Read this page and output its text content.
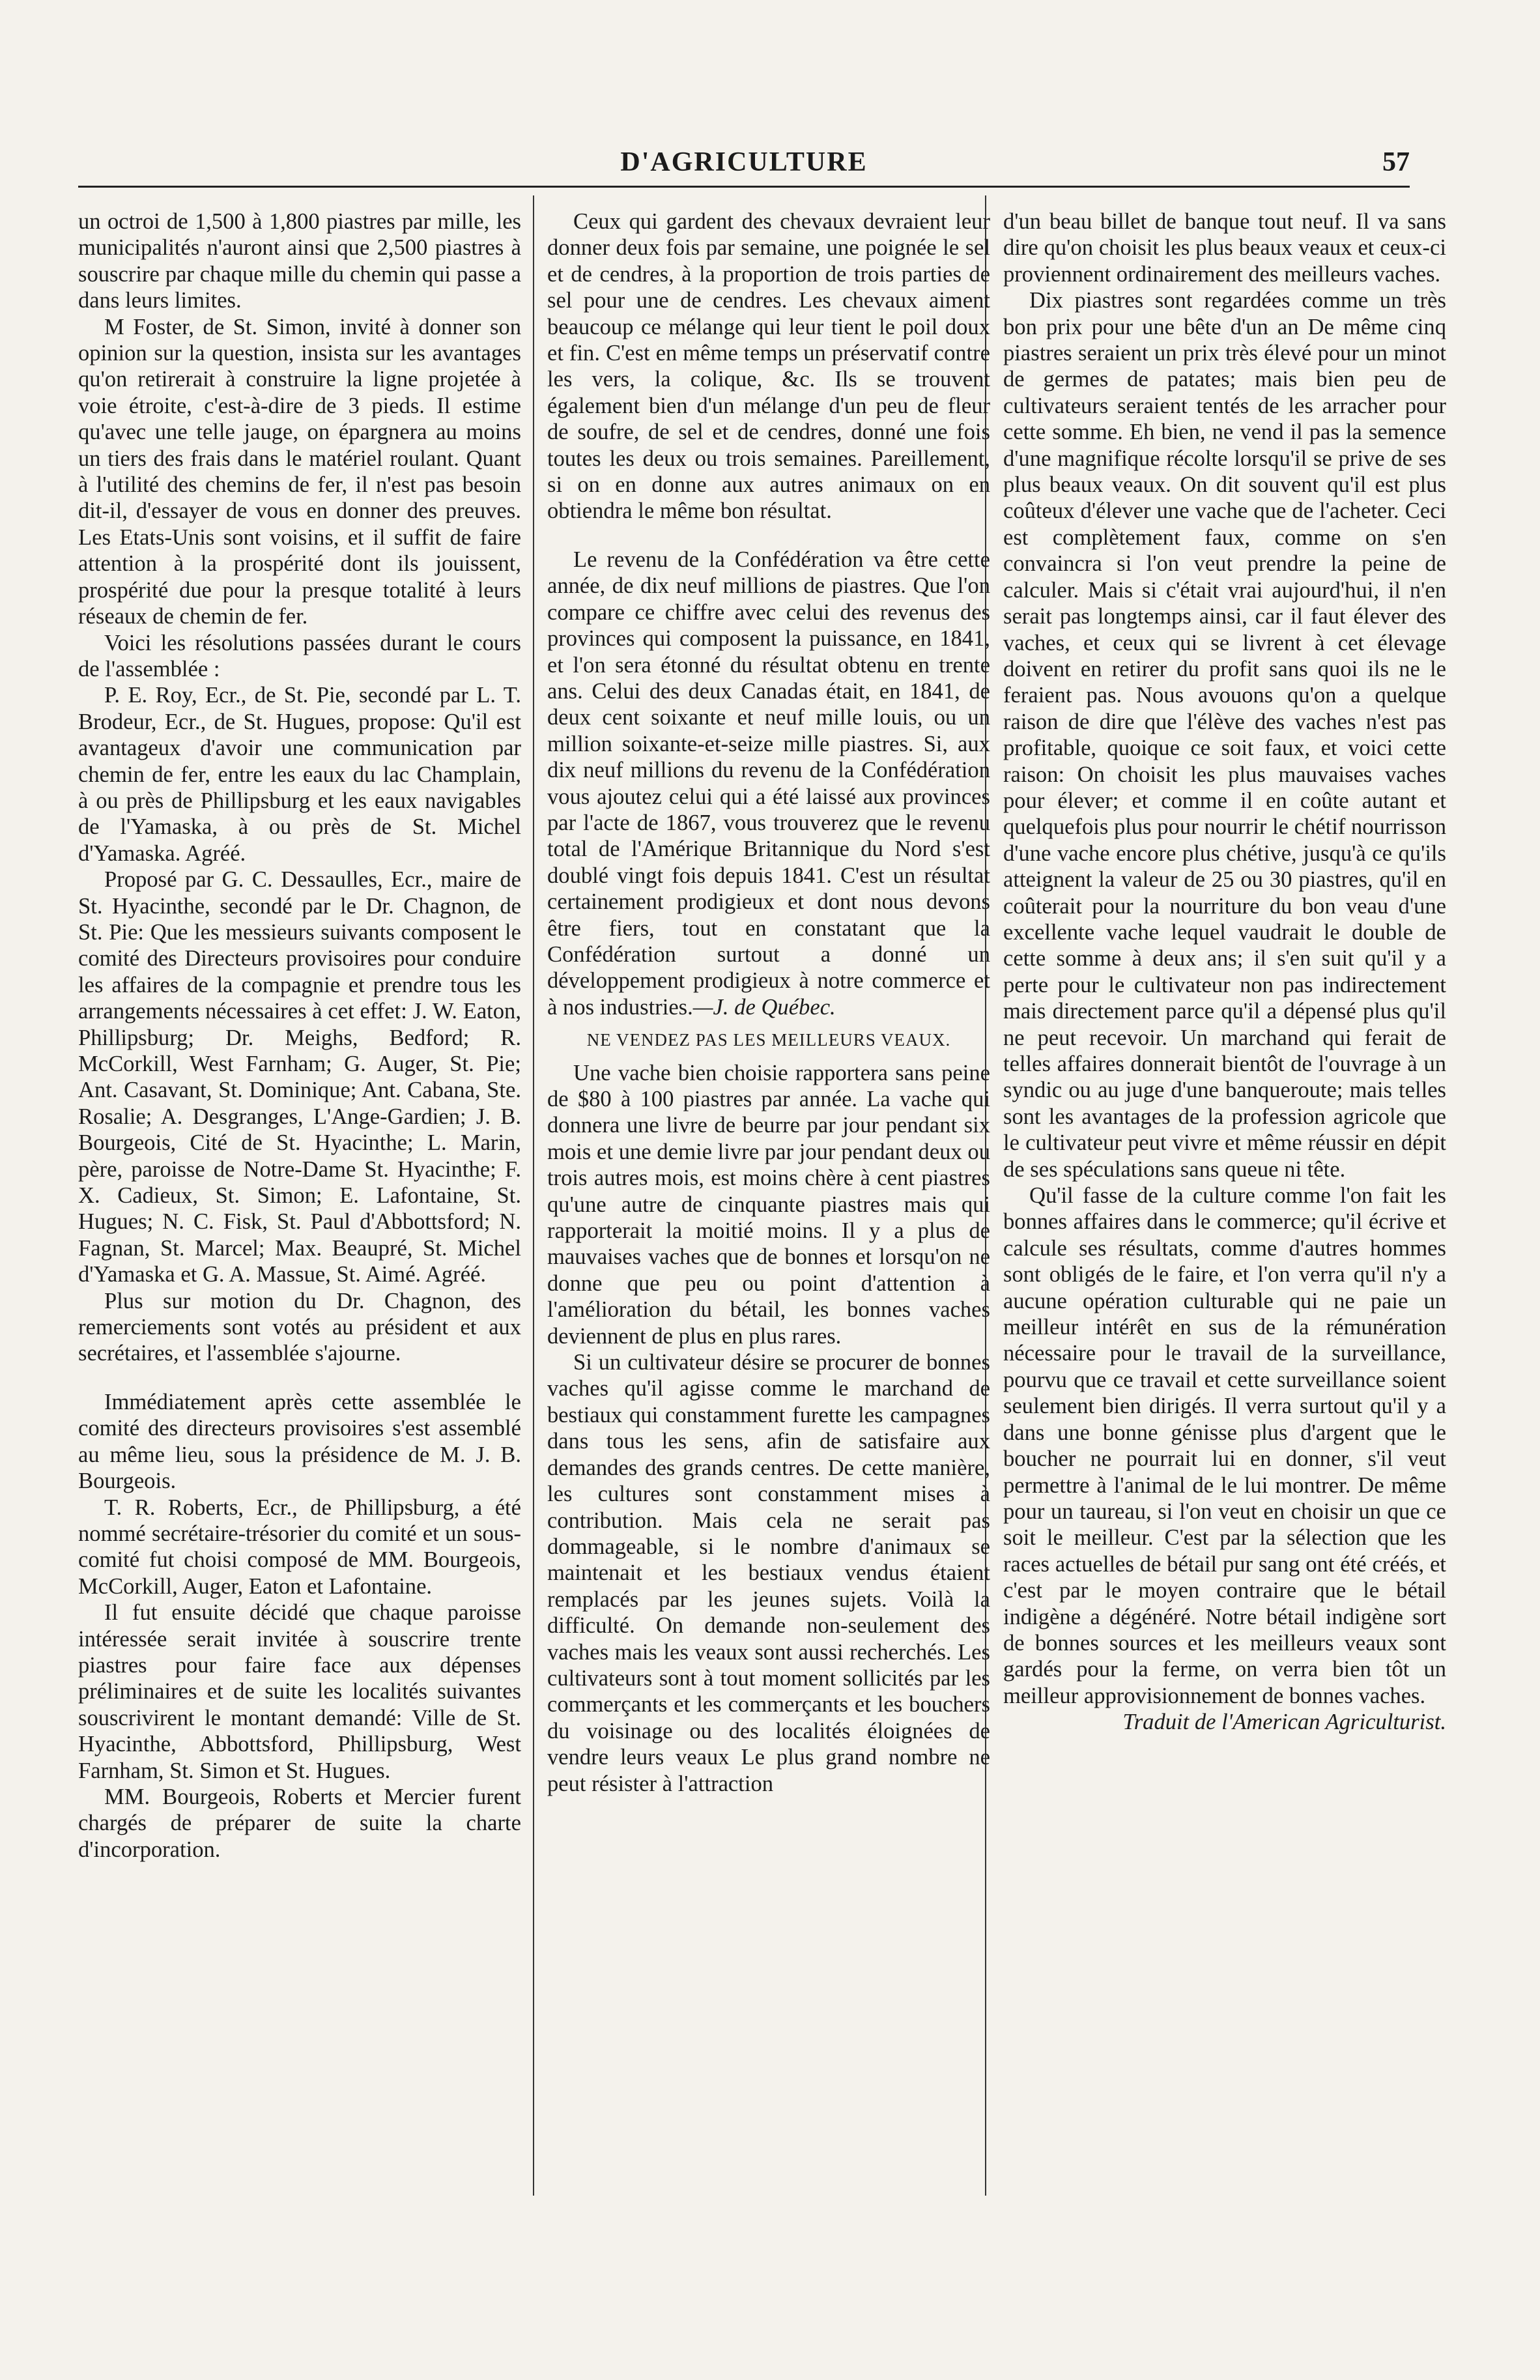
D'AGRICULTURE	57

un octroi de 1,500 à 1,800 piastres par mille, les municipalités n'auront ainsi que 2,500 piastres à souscrire par chaque mille du chemin qui passe a dans leurs limites.

M Foster, de St. Simon, invité à donner son opinion sur la question, insista sur les avantages qu'on retirerait à construire la ligne projetée à voie étroite, c'est-à-dire de 3 pieds. Il estime qu'avec une telle jauge, on épargnera au moins un tiers des frais dans le matériel roulant. Quant à l'utilité des chemins de fer, il n'est pas besoin dit-il, d'essayer de vous en donner des preuves. Les Etats-Unis sont voisins, et il suffit de faire attention à la prospérité dont ils jouissent, prospérité due pour la presque totalité à leurs réseaux de chemin de fer.

Voici les résolutions passées durant le cours de l'assemblée :

P. E. Roy, Ecr., de St. Pie, secondé par L. T. Brodeur, Ecr., de St. Hugues, propose: Qu'il est avantageux d'avoir une communication par chemin de fer, entre les eaux du lac Champlain, à ou près de Phillipsburg et les eaux navigables de l'Yamaska, à ou près de St. Michel d'Yamaska. Agréé.

Proposé par G. C. Dessaulles, Ecr., maire de St. Hyacinthe, secondé par le Dr. Chagnon, de St. Pie: Que les messieurs suivants composent le comité des Directeurs provisoires pour conduire les affaires de la compagnie et prendre tous les arrangements nécessaires à cet effet: J. W. Eaton, Phillipsburg; Dr. Meighs, Bedford; R. McCorkill, West Farnham; G. Auger, St. Pie; Ant. Casavant, St. Dominique; Ant. Cabana, Ste. Rosalie; A. Desgranges, L'Ange-Gardien; J. B. Bourgeois, Cité de St. Hyacinthe; L. Marin, père, paroisse de Notre-Dame St. Hyacinthe; F. X. Cadieux, St. Simon; E. Lafontaine, St. Hugues; N. C. Fisk, St. Paul d'Abbottsford; N. Fagnan, St. Marcel; Max. Beaupré, St. Michel d'Yamaska et G. A. Massue, St. Aimé. Agréé.

Plus sur motion du Dr. Chagnon, des remerciements sont votés au président et aux secrétaires, et l'assemblée s'ajourne.

Immédiatement après cette assemblée le comité des directeurs provisoires s'est assemblé au même lieu, sous la présidence de M. J. B. Bourgeois.

T. R. Roberts, Ecr., de Phillipsburg, a été nommé secrétaire-trésorier du comité et un sous-comité fut choisi composé de MM. Bourgeois, McCorkill, Auger, Eaton et Lafontaine.

Il fut ensuite décidé que chaque paroisse intéressée serait invitée à souscrire trente piastres pour faire face aux dépenses préliminaires et de suite les localités suivantes souscrivirent le montant demandé: Ville de St. Hyacinthe, Abbottsford, Phillipsburg, West Farnham, St. Simon et St. Hugues.

MM. Bourgeois, Roberts et Mercier furent chargés de préparer de suite la charte d'incorporation.

Ceux qui gardent des chevaux devraient leur donner deux fois par semaine, une poignée le sel et de cendres, à la proportion de trois parties de sel pour une de cendres. Les chevaux aiment beaucoup ce mélange qui leur tient le poil doux et fin. C'est en même temps un préservatif contre les vers, la colique, &c. Ils se trouvent également bien d'un mélange d'un peu de fleur de soufre, de sel et de cendres, donné une fois toutes les deux ou trois semaines. Pareillement, si on en donne aux autres animaux on en obtiendra le même bon résultat.

Le revenu de la Confédération va être cette année, de dix neuf millions de piastres. Que l'on compare ce chiffre avec celui des revenus des provinces qui composent la puissance, en 1841, et l'on sera étonné du résultat obtenu en trente ans. Celui des deux Canadas était, en 1841, de deux cent soixante et neuf mille louis, ou un million soixante-et-seize mille piastres. Si, aux dix neuf millions du revenu de la Confédération vous ajoutez celui qui a été laissé aux provinces par l'acte de 1867, vous trouverez que le revenu total de l'Amérique Britannique du Nord s'est doublé vingt fois depuis 1841. C'est un résultat certainement prodigieux et dont nous devons être fiers, tout en constatant que la Confédération surtout a donné un développement prodigieux à notre commerce et à nos industries.—J. de Québec.

NE VENDEZ PAS LES MEILLEURS VEAUX.

Une vache bien choisie rapportera sans peine de $80 à 100 piastres par année. La vache qui donnera une livre de beurre par jour pendant six mois et une demie livre par jour pendant deux ou trois autres mois, est moins chère à cent piastres qu'une autre de cinquante piastres mais qui rapporterait la moitié moins. Il y a plus de mauvaises vaches que de bonnes et lorsqu'on ne donne que peu ou point d'attention à l'amélioration du bétail, les bonnes vaches deviennent de plus en plus rares.

Si un cultivateur désire se procurer de bonnes vaches qu'il agisse comme le marchand de bestiaux qui constamment furette les campagnes dans tous les sens, afin de satisfaire aux demandes des grands centres. De cette manière, les cultures sont constamment mises à contribution. Mais cela ne serait pas dommageable, si le nombre d'animaux se maintenait et les bestiaux vendus étaient remplacés par les jeunes sujets. Voilà la difficulté. On demande non-seulement des vaches mais les veaux sont aussi recherchés. Les cultivateurs sont à tout moment sollicités par les commerçants et les commerçants et les bouchers du voisinage ou des localités éloignées de vendre leurs veaux Le plus grand nombre ne peut résister à l'attraction

d'un beau billet de banque tout neuf. Il va sans dire qu'on choisit les plus beaux veaux et ceux-ci proviennent ordinairement des meilleurs vaches.

Dix piastres sont regardées comme un très bon prix pour une bête d'un an De même cinq piastres seraient un prix très élevé pour un minot de germes de patates; mais bien peu de cultivateurs seraient tentés de les arracher pour cette somme. Eh bien, ne vend il pas la semence d'une magnifique récolte lorsqu'il se prive de ses plus beaux veaux. On dit souvent qu'il est plus coûteux d'élever une vache que de l'acheter. Ceci est complètement faux, comme on s'en convaincra si l'on veut prendre la peine de calculer. Mais si c'était vrai aujourd'hui, il n'en serait pas longtemps ainsi, car il faut élever des vaches, et ceux qui se livrent à cet élevage doivent en retirer du profit sans quoi ils ne le feraient pas. Nous avouons qu'on a quelque raison de dire que l'élève des vaches n'est pas profitable, quoique ce soit faux, et voici cette raison: On choisit les plus mauvaises vaches pour élever; et comme il en coûte autant et quelquefois plus pour nourrir le chétif nourrisson d'une vache encore plus chétive, jusqu'à ce qu'ils atteignent la valeur de 25 ou 30 piastres, qu'il en coûterait pour la nourriture du bon veau d'une excellente vache lequel vaudrait le double de cette somme à deux ans; il s'en suit qu'il y a perte pour le cultivateur non pas indirectement mais directement parce qu'il a dépensé plus qu'il ne peut recevoir. Un marchand qui ferait de telles affaires donnerait bientôt de l'ouvrage à un syndic ou au juge d'une banqueroute; mais telles sont les avantages de la profession agricole que le cultivateur peut vivre et même réussir en dépit de ses spéculations sans queue ni tête.

Qu'il fasse de la culture comme l'on fait les bonnes affaires dans le commerce; qu'il écrive et calcule ses résultats, comme d'autres hommes sont obligés de le faire, et l'on verra qu'il n'y a aucune opération culturable qui ne paie un meilleur intérêt en sus de la rémunération nécessaire pour le travail de la surveillance, pourvu que ce travail et cette surveillance soient seulement bien dirigés. Il verra surtout qu'il y a dans une bonne génisse plus d'argent que le boucher ne pourrait lui en donner, s'il veut permettre à l'animal de le lui montrer. De même pour un taureau, si l'on veut en choisir un que ce soit le meilleur. C'est par la sélection que les races actuelles de bétail pur sang ont été créés, et c'est par le moyen contraire que le bétail indigène a dégénéré. Notre bétail indigène sort de bonnes sources et les meilleurs veaux sont gardés pour la ferme, on verra bien tôt un meilleur approvisionnement de bonnes vaches.

Traduit de l'American Agriculturist.
